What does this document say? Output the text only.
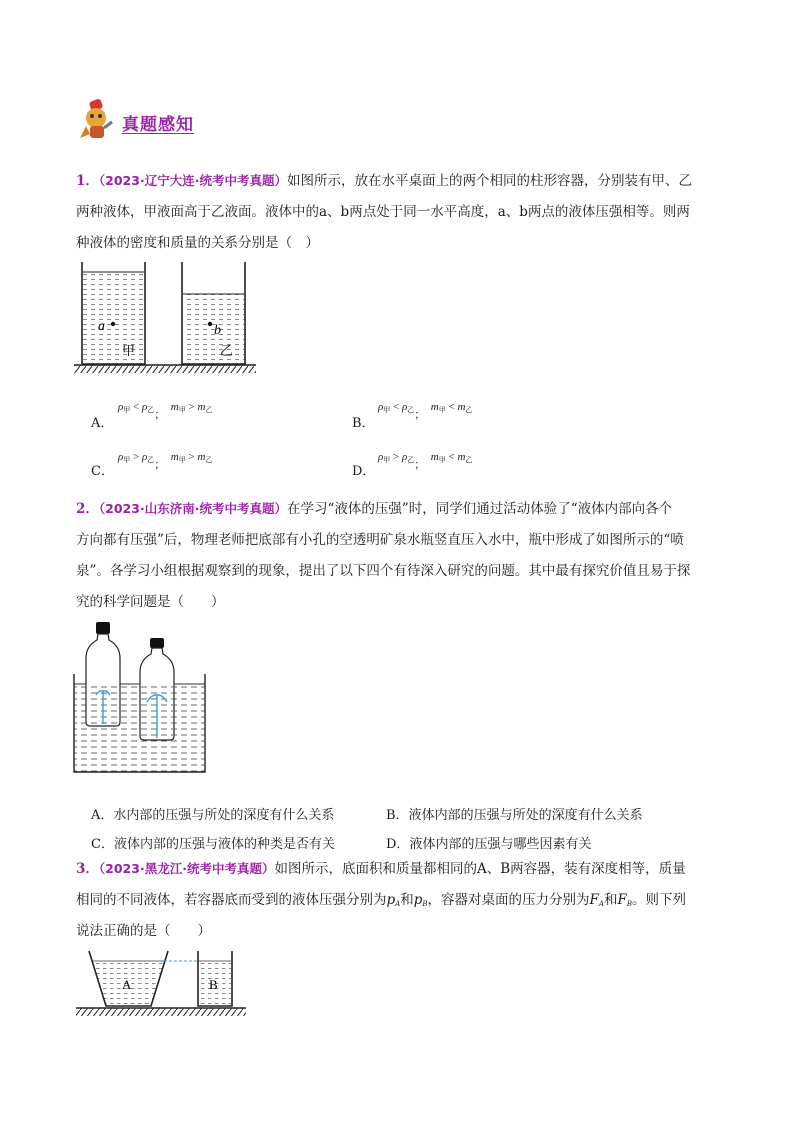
真题感知
1．（2023·辽宁大连·统考中考真题）如图所示，放在水平桌面上的两个相同的柱形容器，分别装有甲、乙
两种液体，甲液面高于乙液面。液体中的a、b两点处于同一水平高度，a、b两点的液体压强相等。则两
种液体的密度和质量的关系分别是（　）
a	b
甲	乙
A．
$\rho_甲 < \rho_乙$；  $m_甲 > m_乙$
B．
$\rho_甲 < \rho_乙$；  $m_甲 < m_乙$
C．
$\rho_甲 > \rho_乙$；  $m_甲 > m_乙$
D．
$\rho_甲 > \rho_乙$；  $m_甲 < m_乙$
2．（2023·山东济南·统考中考真题）在学习“液体的压强”时，同学们通过活动体验了“液体内部向各个
方向都有压强”后，物理老师把底部有小孔的空透明矿泉水瓶竖直压入水中，瓶中形成了如图所示的“喷
泉”。各学习小组根据观察到的现象，提出了以下四个有待深入研究的问题。其中最有探究价值且易于探
究的科学问题是（　　）
A．水内部的压强与所处的深度有什么关系	B．液体内部的压强与所处的深度有什么关系
C．液体内部的压强与液体的种类是否有关	D．液体内部的压强与哪些因素有关
3．（2023·黑龙江·统考中考真题）如图所示，底面积和质量都相同的A、B两容器，装有深度相等，质量
相同的不同液体，若容器底而受到的液体压强分别为$p_A$和$p_B$，容器对桌面的压力分别为$F_A$和$F_B$。则下列
说法正确的是（　　）
A	B
